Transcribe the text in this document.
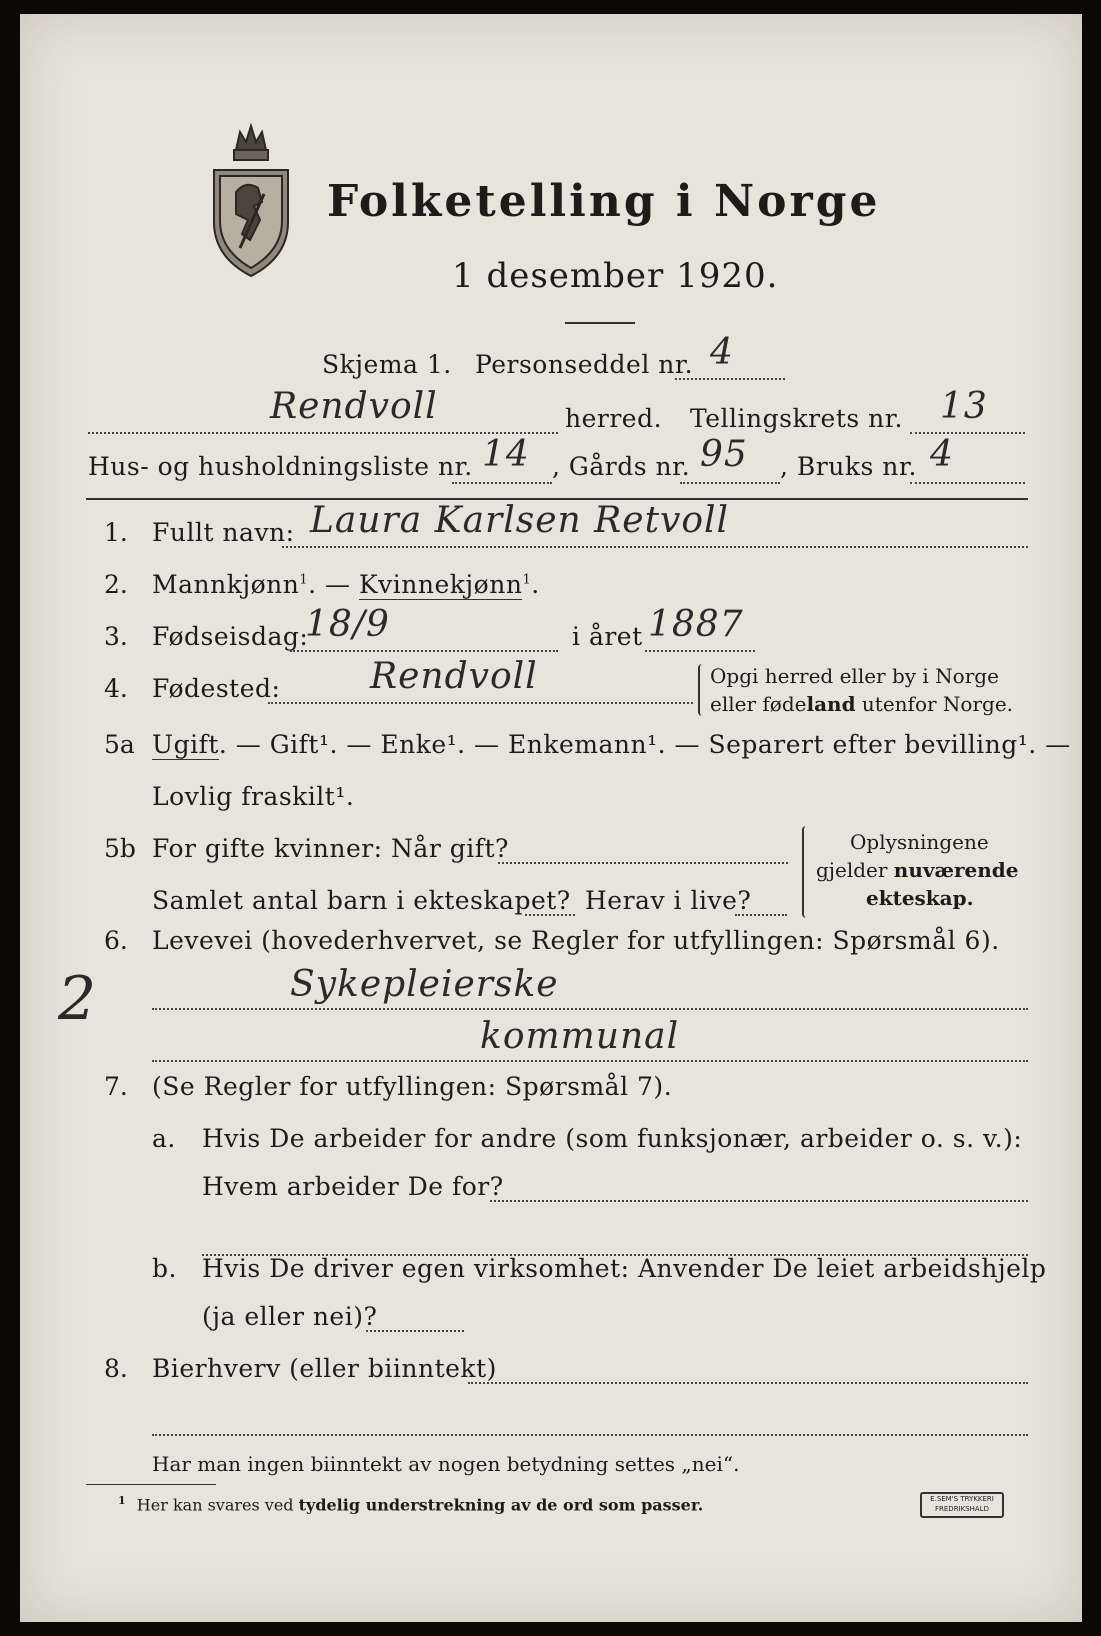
Folketelling i Norge
1 desember 1920.
Skjema 1. Personseddel nr. 4
Rendvoll	herred. Tellingskrets nr. 13
Hus- og husholdningsliste nr. 14 , Gårds nr. 95 , Bruks nr. 4
1. Fullt navn: Laura Karlsen Retvoll
2. Mannkjønn$^1$. — Kvinnekjønn$^1$.
3. Fødseisdag:
18/9	i året 1887
4. Fødested: Rendvoll	Opgi herred eller by i Norge
eller fødeland utenfor Norge.
5a Ugift. — Gift¹. — Enke¹. — Enkemann¹. — Separert efter bevilling¹. —
Lovlig fraskilt¹.
5b For gifte kvinner: Når gift?
Samlet antal barn i ekteskapet? Herav i live?
Oplysningene
gjelder nuværende
ekteskap.
6. Levevei (hovederhvervet, se Regler for utfyllingen: Spørsmål 6).
2	Sykepleierske
kommunal
7. (Se Regler for utfyllingen: Spørsmål 7).
a. Hvis De arbeider for andre (som funksjonær, arbeider o. s. v.):
Hvem arbeider De for?
b. Hvis De driver egen virksomhet: Anvender De leiet arbeidshjelp
(ja eller nei)?
8. Bierhverv (eller biinntekt)
Har man ingen biinntekt av nogen betydning settes „nei“.
$^1$ Her kan svares ved tydelig understrekning av de ord som passer.	E.SEM'S TRYKKERI
FREDRIKSHALD
